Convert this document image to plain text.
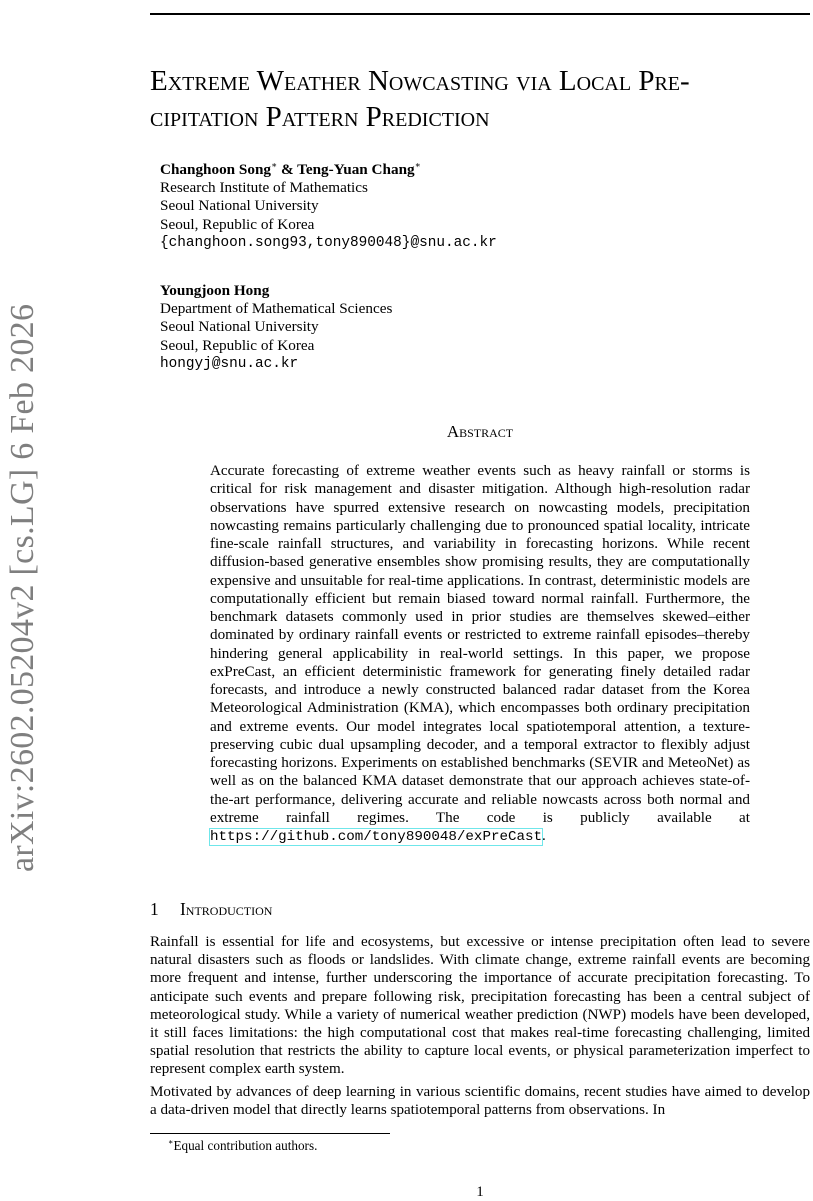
arXiv:2602.05204v2 [cs.LG] 6 Feb 2026
Extreme Weather Nowcasting via Local Pre-
cipitation Pattern Prediction
Changhoon Song∗ & Teng-Yuan Chang∗
Research Institute of Mathematics
Seoul National University
Seoul, Republic of Korea
{changhoon.song93,tony890048}@snu.ac.kr
Youngjoon Hong
Department of Mathematical Sciences
Seoul National University
Seoul, Republic of Korea
hongyj@snu.ac.kr
Abstract

Accurate forecasting of extreme weather events such as heavy rainfall or storms is critical for risk management and disaster mitigation. Although high-resolution radar observations have spurred extensive research on nowcasting models, precipitation nowcasting remains particularly challenging due to pronounced spatial locality, intricate fine-scale rainfall structures, and variability in forecasting horizons. While recent diffusion-based generative ensembles show promising results, they are computationally expensive and unsuitable for real-time applications. In contrast, deterministic models are computationally efficient but remain biased toward normal rainfall. Furthermore, the benchmark datasets commonly used in prior studies are themselves skewed–either dominated by ordinary rainfall events or restricted to extreme rainfall episodes–thereby hindering general applicability in real-world settings. In this paper, we propose exPreCast, an efficient deterministic framework for generating finely detailed radar forecasts, and introduce a newly constructed balanced radar dataset from the Korea Meteorological Administration (KMA), which encompasses both ordinary precipitation and extreme events. Our model integrates local spatiotemporal attention, a texture-preserving cubic dual upsampling decoder, and a temporal extractor to flexibly adjust forecasting horizons. Experiments on established benchmarks (SEVIR and MeteoNet) as well as on the balanced KMA dataset demonstrate that our approach achieves state-of-the-art performance, delivering accurate and reliable nowcasts across both normal and extreme rainfall regimes. The code is publicly available at https://github.com/tony890048/exPreCast.

1 Introduction

Rainfall is essential for life and ecosystems, but excessive or intense precipitation often lead to severe natural disasters such as floods or landslides. With climate change, extreme rainfall events are becoming more frequent and intense, further underscoring the importance of accurate precipitation forecasting. To anticipate such events and prepare following risk, precipitation forecasting has been a central subject of meteorological study. While a variety of numerical weather prediction (NWP) models have been developed, it still faces limitations: the high computational cost that makes real-time forecasting challenging, limited spatial resolution that restricts the ability to capture local events, or physical parameterization imperfect to represent complex earth system.

Motivated by advances of deep learning in various scientific domains, recent studies have aimed to develop a data-driven model that directly learns spatiotemporal patterns from observations. In

∗Equal contribution authors.
1
